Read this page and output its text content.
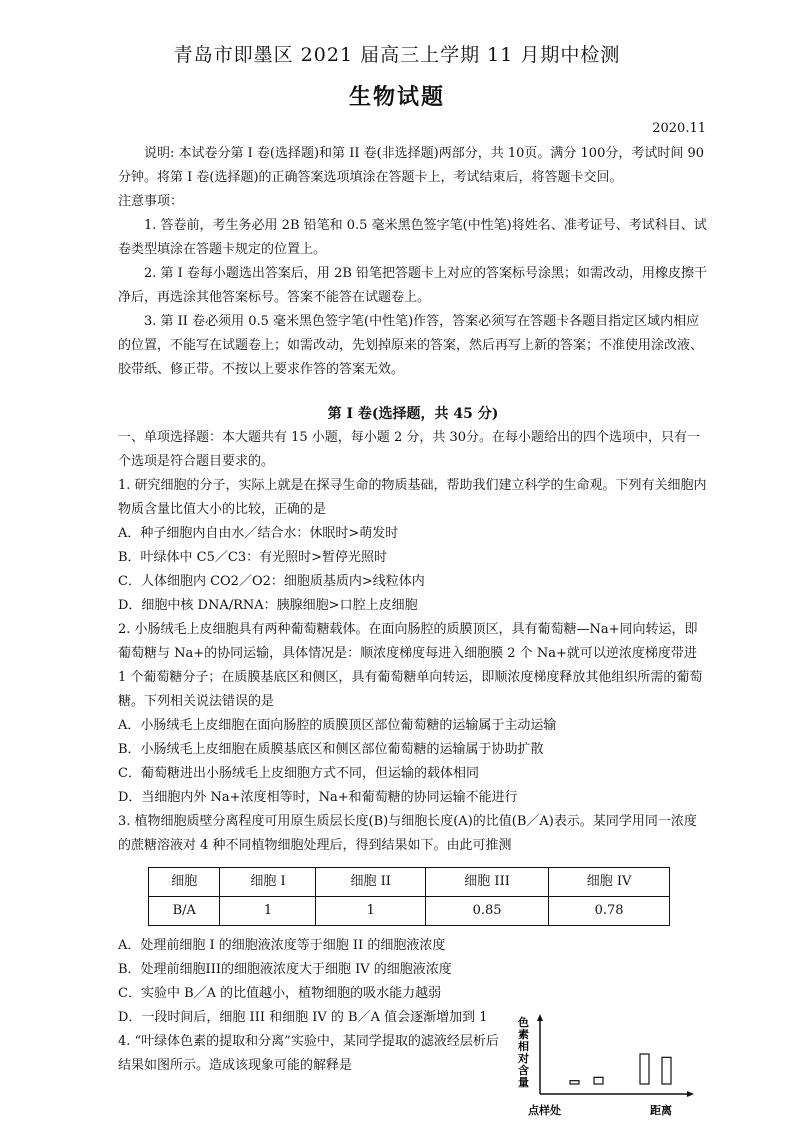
青岛市即墨区 2021 届高三上学期 11 月期中检测
生物试题
2020.11

说明: 本试卷分第 I 卷(选择题)和第 II 卷(非选择题)两部分，共 10页。满分 100分，考试时间 90 分钟。将第 I 卷(选择题)的正确答案选项填涂在答题卡上，考试结束后，将答题卡交回。

注意事项：

1. 答卷前，考生务必用 2B 铅笔和 0.5 毫米黑色签字笔(中性笔)将姓名、准考证号、考试科目、试卷类型填涂在答题卡规定的位置上。

2. 第 I 卷每小题选出答案后，用 2B 铅笔把答题卡上对应的答案标号涂黑；如需改动，用橡皮擦干净后，再选涂其他答案标号。答案不能答在试题卷上。

3. 第 II 卷必须用 0.5 毫米黑色签字笔(中性笔)作答，答案必须写在答题卡各题目指定区域内相应的位置，不能写在试题卷上；如需改动，先划掉原来的答案，然后再写上新的答案；不准使用涂改液、胶带纸、修正带。不按以上要求作答的答案无效。

第 I 卷(选择题，共 45 分)

一、单项选择题：本大题共有 15 小题，每小题 2 分，共 30分。在每小题给出的四个选项中，只有一个选项是符合题目要求的。

1. 研究细胞的分子，实际上就是在探寻生命的物质基础，帮助我们建立科学的生命观。下列有关细胞内物质含量比值大小的比较，正确的是

A．种子细胞内自由水／结合水：休眠时>萌发时

B．叶绿体中 C5／C3：有光照时>暂停光照时

C．人体细胞内 CO2／O2：细胞质基质内>线粒体内

D．细胞中核 DNA/RNA：胰腺细胞>口腔上皮细胞

2. 小肠绒毛上皮细胞具有两种葡萄糖载体。在面向肠腔的质膜顶区，具有葡萄糖—Na+同向转运，即葡萄糖与 Na+的协同运输，具体情况是：顺浓度梯度每进入细胞膜 2 个 Na+就可以逆浓度梯度带进 1 个葡萄糖分子；在质膜基底区和侧区，具有葡萄糖单向转运，即顺浓度梯度释放其他组织所需的葡萄糖。下列相关说法错误的是

A．小肠绒毛上皮细胞在面向肠腔的质膜顶区部位葡萄糖的运输属于主动运输

B．小肠绒毛上皮细胞在质膜基底区和侧区部位葡萄糖的运输属于协助扩散

C．葡萄糖进出小肠绒毛上皮细胞方式不同，但运输的载体相同

D．当细胞内外 Na+浓度相等时，Na+和葡萄糖的协同运输不能进行

3. 植物细胞质壁分离程度可用原生质层长度(B)与细胞长度(A)的比值(B／A)表示。某同学用同一浓度的蔗糖溶液对 4 种不同植物细胞处理后，得到结果如下。由此可推测

细胞	细胞 I	细胞 II	细胞 III	细胞 IV
B/A	1	1	0.85	0.78

A．处理前细胞 I 的细胞液浓度等于细胞 II 的细胞液浓度

B．处理前细胞III的细胞液浓度大于细胞 IV 的细胞液浓度

C．实验中 B／A 的比值越小，植物细胞的吸水能力越弱

D．一段时间后，细胞 III 和细胞 IV 的 B／A 值会逐渐增加到 1

4. “叶绿体色素的提取和分离”实验中，某同学提取的滤液经层析后结果如图所示。造成该现象可能的解释是

色素相对含量
点样处	距离
